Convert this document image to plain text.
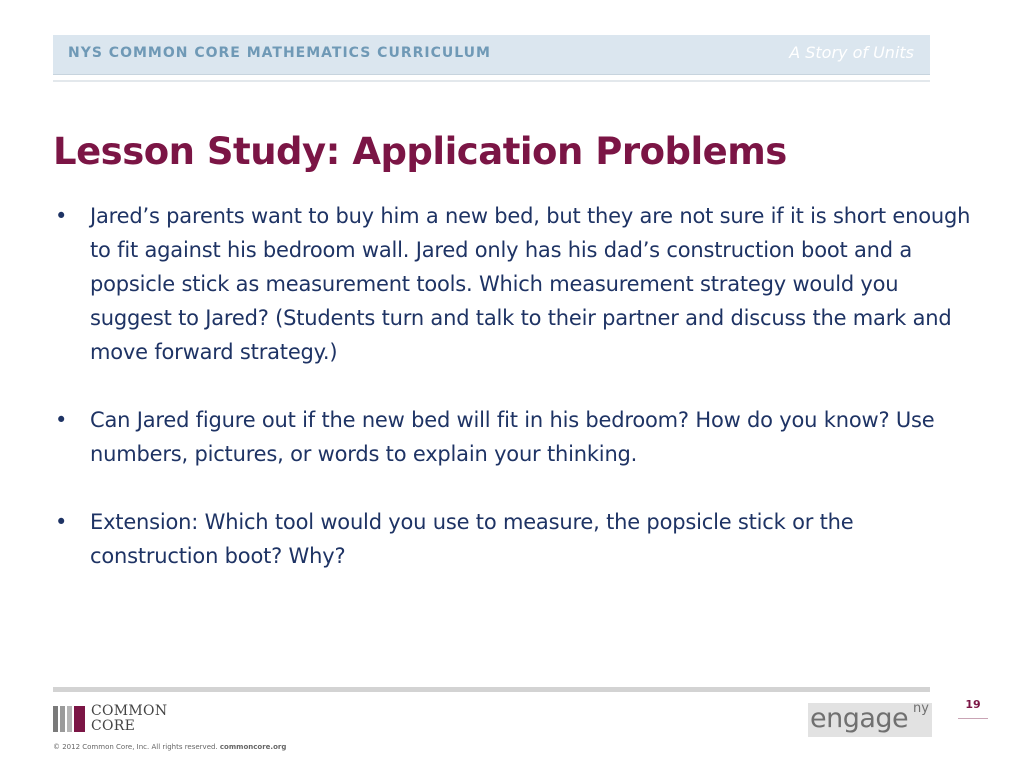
NYS COMMON CORE MATHEMATICS CURRICULUM	A Story of Units
Lesson Study: Application Problems
• Jared’s parents want to buy him a new bed, but they are not sure if it is short enough to fit against his bedroom wall. Jared only has his dad’s construction boot and a popsicle stick as measurement tools. Which measurement strategy would you suggest to Jared? (Students turn and talk to their partner and discuss the mark and move forward strategy.)
• Can Jared figure out if the new bed will fit in his bedroom? How do you know? Use numbers, pictures, or words to explain your thinking.
• Extension: Which tool would you use to measure, the popsicle stick or the construction boot? Why?
COMMON
CORE
© 2012 Common Core, Inc. All rights reserved. commoncore.org
engage ny	19
